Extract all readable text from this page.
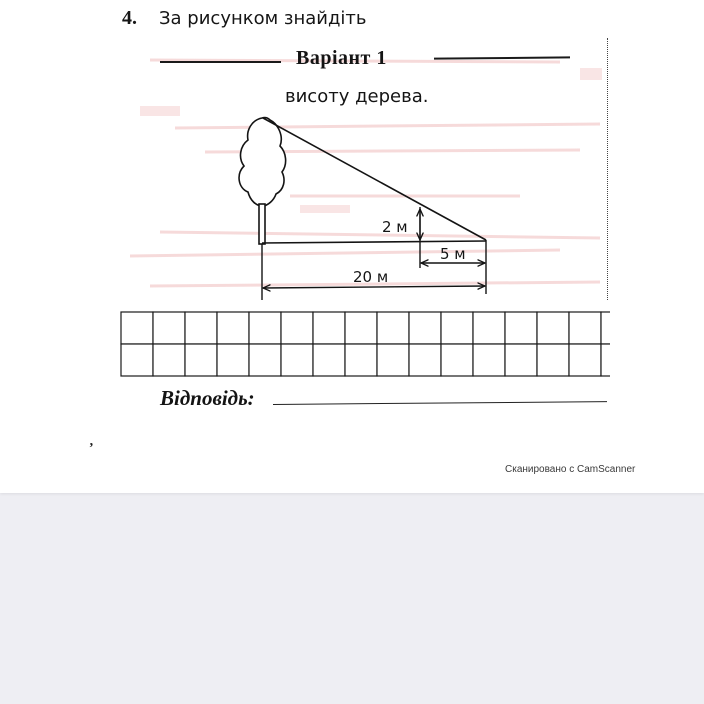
4. За рисунком знайдіть
Варіант 1
висоту дерева.
2 м
5 м
20 м
Відповідь:
‚
Сканировано с CamScanner
